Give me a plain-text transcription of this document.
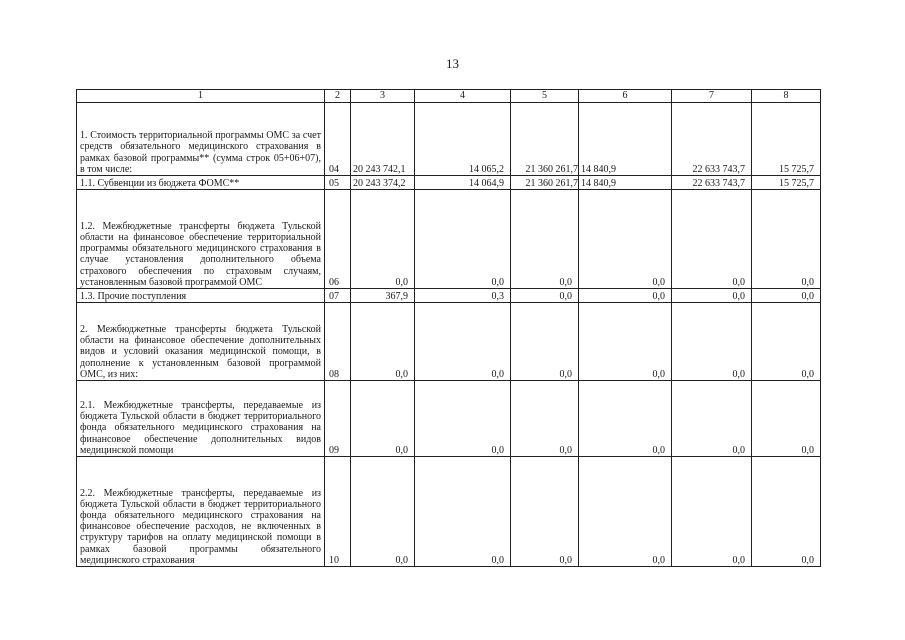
13
1	2	3	4	5	6	7	8
1. Стоимость территориальной программы ОМС за счет средств обязательного медицинского страхования в рамках базовой программы** (сумма строк 05+06+07), в том числе:	04	20 243 742,1	14 065,2	21 360 261,7	14 840,9	22 633 743,7	15 725,7
1.1. Субвенции из бюджета ФОМС**	05	20 243 374,2	14 064,9	21 360 261,7	14 840,9	22 633 743,7	15 725,7
1.2. Межбюджетные трансферты бюджета Тульской области на финансовое обеспечение территориальной программы обязательного медицинского страхования в случае установления дополнительного объема страхового обеспечения по страховым случаям, установленным базовой программой ОМС	06	0,0	0,0	0,0	0,0	0,0	0,0
1.3. Прочие поступления	07	367,9	0,3	0,0	0,0	0,0	0,0
2. Межбюджетные трансферты бюджета Тульской области на финансовое обеспечение дополнительных видов и условий оказания медицинской помощи, в дополнение к установленным базовой программой ОМС, из них:	08	0,0	0,0	0,0	0,0	0,0	0,0
2.1. Межбюджетные трансферты, передаваемые из бюджета Тульской области в бюджет территориального фонда обязательного медицинского страхования на финансовое обеспечение дополнительных видов медицинской помощи	09	0,0	0,0	0,0	0,0	0,0	0,0
2.2. Межбюджетные трансферты, передаваемые из бюджета Тульской области в бюджет территориального фонда обязательного медицинского страхования на финансовое обеспечение расходов, не включенных в структуру тарифов на оплату медицинской помощи в рамках базовой программы обязательного медицинского страхования	10	0,0	0,0	0,0	0,0	0,0	0,0
